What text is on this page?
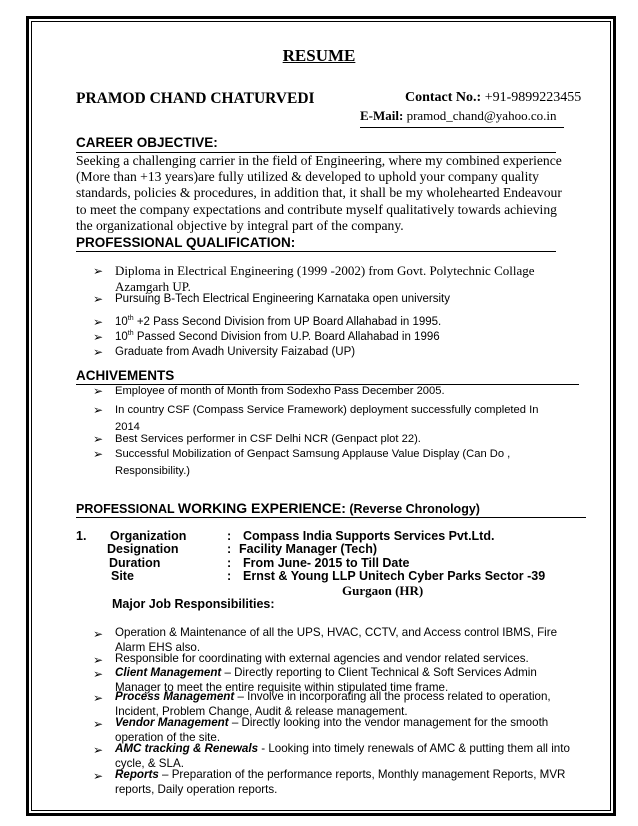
RESUME
PRAMOD CHAND CHATURVEDI	Contact No.: +91-9899223455
E-Mail: pramod_chand@yahoo.co.in
CAREER OBJECTIVE:
Seeking a challenging carrier in the field of Engineering, where my combined experience
(More than +13 years)are fully utilized & developed to uphold your company quality
standards, policies & procedures, in addition that, it shall be my wholehearted Endeavour
to meet the company expectations and contribute myself qualitatively towards achieving
the organizational objective by integral part of the company.
PROFESSIONAL QUALIFICATION:
➢ Diploma in Electrical Engineering (1999 -2002) from Govt. Polytechnic Collage
Azamgarh UP.
➢	Pursuing B-Tech Electrical Engineering Karnataka open university
➢	10th +2 Pass Second Division from UP Board Allahabad in 1995.
➢	10th Passed Second Division from U.P. Board Allahabad in 1996
➢	Graduate from Avadh University Faizabad (UP)
ACHIVEMENTS
➢	Employee of month of Month from Sodexho Pass December 2005.
➢	In country CSF (Compass Service Framework) deployment successfully completed In
2014
➢	Best Services performer in CSF Delhi NCR (Genpact plot 22).
➢	Successful Mobilization of Genpact Samsung Applause Value Display (Can Do ,
Responsibility.)
PROFESSIONAL WORKING EXPERIENCE: (Reverse Chronology)
1. Organization	: Compass India Supports Services Pvt.Ltd.
Designation	: Facility Manager (Tech)
Duration	: From June- 2015 to Till Date
Site	: Ernst & Young LLP Unitech Cyber Parks Sector -39
Gurgaon (HR)
Major Job Responsibilities:
➢	Operation & Maintenance of all the UPS, HVAC, CCTV, and Access control IBMS, Fire Alarm EHS also.
➢	Responsible for coordinating with external agencies and vendor related services.
➢	Client Management – Directly reporting to Client Technical & Soft Services Admin Manager to meet the entire requisite within stipulated time frame.
➢	Process Management – Involve in incorporating all the process related to operation, Incident, Problem Change, Audit & release management.
➢	Vendor Management – Directly looking into the vendor management for the smooth operation of the site.
➢	AMC tracking & Renewals - Looking into timely renewals of AMC & putting them all into cycle, & SLA.
➢	Reports – Preparation of the performance reports, Monthly management Reports, MVR reports, Daily operation reports.
